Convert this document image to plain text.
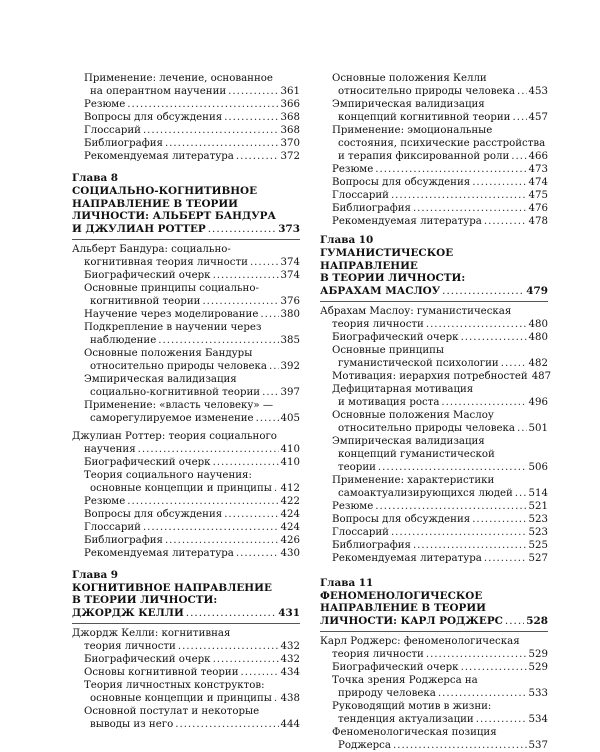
Применение: лечение, основанное
на оперантном научении .....	361
Резюме .....	366
Вопросы для обсуждения .....	368
Глоссарий .....	368
Библиография .....	370
Рекомендуемая литература .....	372
Глава 8
СОЦИАЛЬНО-КОГНИТИВНОЕ
НАПРАВЛЕНИЕ В ТЕОРИИ
ЛИЧНОСТИ: АЛЬБЕРТ БАНДУРА
И ДЖУЛИАН РОТТЕР .....	373
Альберт Бандура: социально-
когнитивная теория личности .....	374
Биографический очерк .....	374
Основные принципы социально-
когнитивной теории .....	376
Научение через моделирование ..... 380
Подкрепление в научении через
наблюдение .....	385
Основные положения Бандуры
относительно природы человека ..... 392
Эмпирическая валидизация
социально-когнитивной теории ..... 397
Применение: «власть человеку» —
саморегулируемое изменение .....	405
Джулиан Роттер: теория социального
научения .....	410
Биографический очерк .....	410
Теория социального научения:
основные концепции и принципы ..... 412
Резюме .....	422
Вопросы для обсуждения .....	424
Глоссарий .....	424
Библиография .....	426
Рекомендуемая литература .....	430
Глава 9
КОГНИТИВНОЕ НАПРАВЛЕНИЕ
В ТЕОРИИ ЛИЧНОСТИ:
ДЖОРДЖ КЕЛЛИ .....	431
Джордж Келли: когнитивная
теория личности .....	432
Биографический очерк .....	432
Основы когнитивной теории .....	434
Теория личностных конструктов:
основные концепции и принципы ..... 438
Основной постулат и некоторые
выводы из него .....	444
Основные положения Келли
относительно природы человека ..... 453
Эмпирическая валидизация
концепций когнитивной теории ..... 457
Применение: эмоциональные
состояния, психические расстройства
и терапия фиксированной роли ..... 466
Резюме .....	473
Вопросы для обсуждения .....	474
Глоссарий .....	475
Библиография .....	476
Рекомендуемая литература .....	478
Глава 10
ГУМАНИСТИЧЕСКОЕ НАПРАВЛЕНИЕ
В ТЕОРИИ ЛИЧНОСТИ:
АБРАХАМ МАСЛОУ .....	479
Абрахам Маслоу: гуманистическая
теория личности .....	480
Биографический очерк .....	480
Основные принципы
гуманистической психологии .....	482
Мотивация: иерархия потребностей 487
Дефицитарная мотивация
и мотивация роста .....	496
Основные положения Маслоу
относительно природы человека ..... 501
Эмпирическая валидизация
концепций гуманистической
теории .....	506
Применение: характеристики
самоактуализирующихся людей ..... 514
Резюме .....	521
Вопросы для обсуждения .....	523
Глоссарий .....	523
Библиография .....	525
Рекомендуемая литература .....	527
Глава 11
ФЕНОМЕНОЛОГИЧЕСКОЕ
НАПРАВЛЕНИЕ В ТЕОРИИ
ЛИЧНОСТИ: КАРЛ РОДЖЕРС ..... 528
Карл Роджерс: феноменологическая
теория личности .....	529
Биографический очерк .....	529
Точка зрения Роджерса на
природу человека .....	533
Руководящий мотив в жизни:
тенденция актуализации .....	534
Феноменологическая позиция
Роджерса .....	537
